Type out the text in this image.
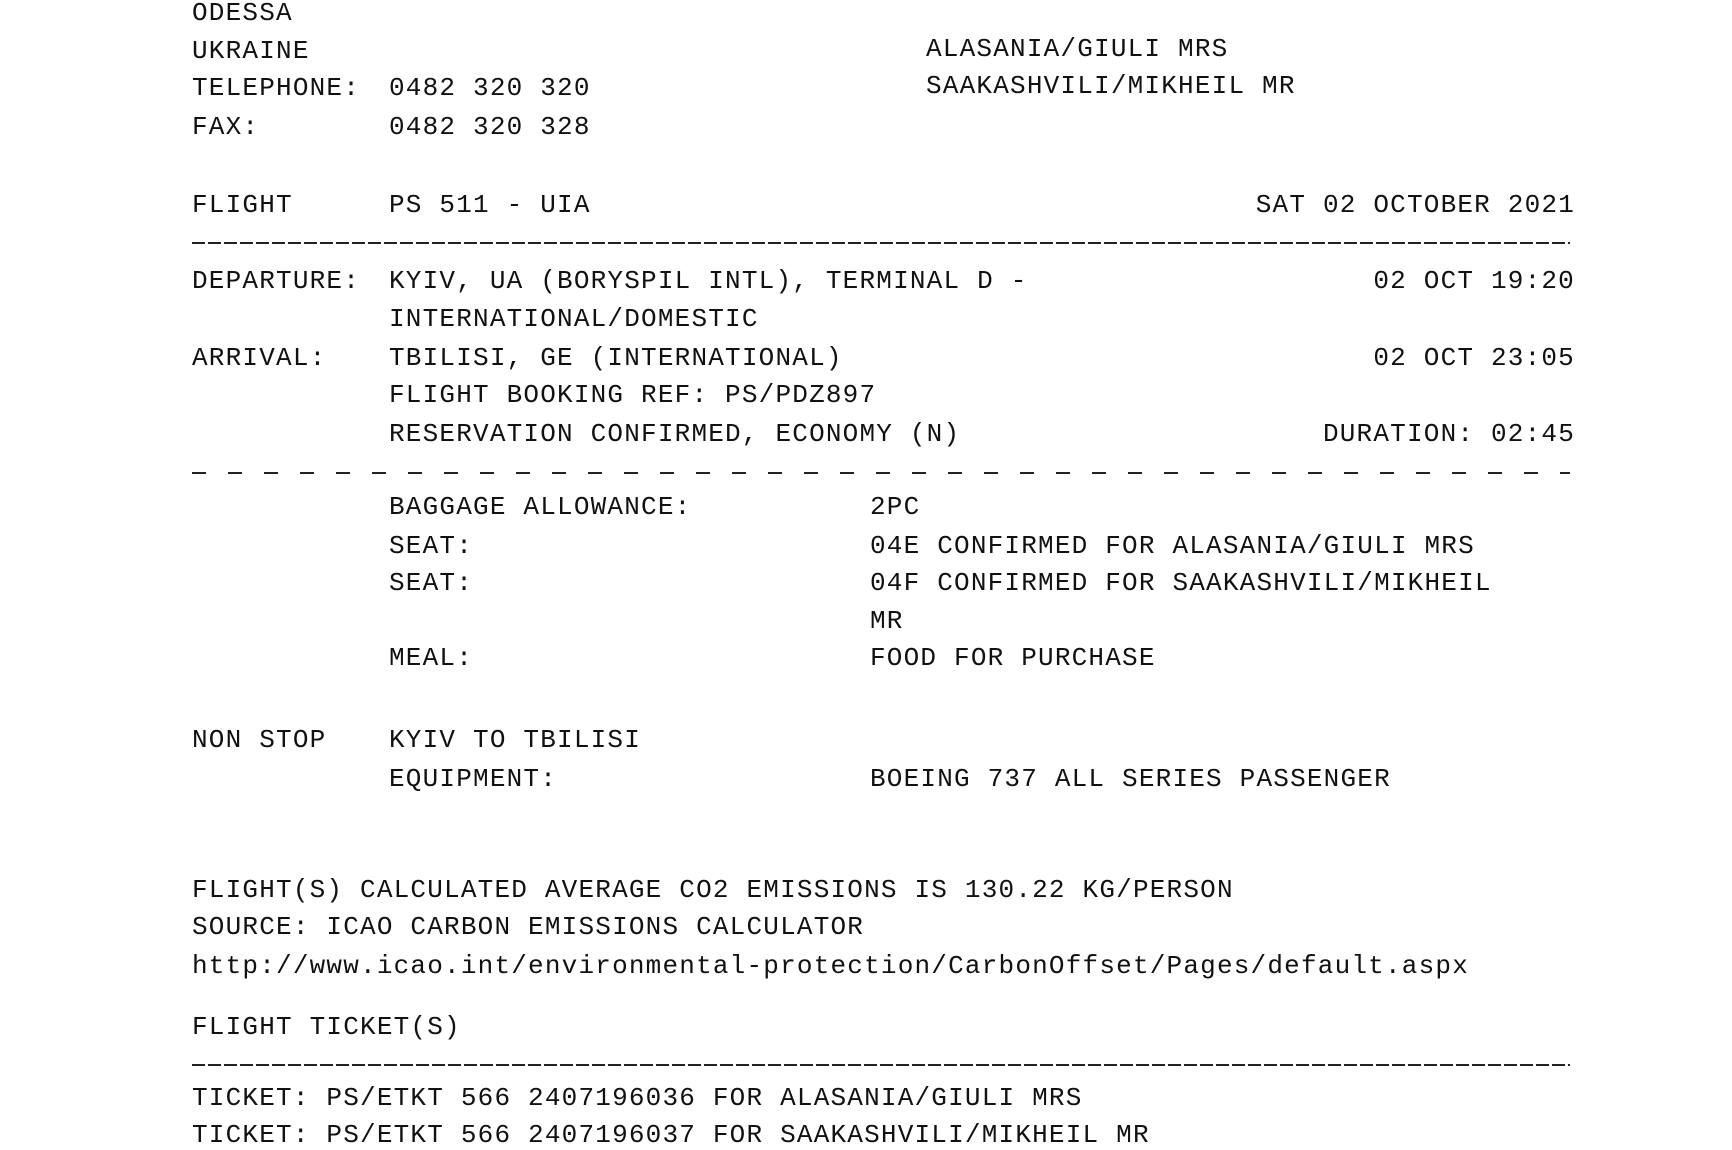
ODESSA
UKRAINE
TELEPHONE: 0482 320 320
FAX:	0482 320 328
ALASANIA/GIULI MRS
SAAKASHVILI/MIKHEIL MR
FLIGHT	PS 511 - UIA	SAT 02 OCTOBER 2021
DEPARTURE: KYIV, UA (BORYSPIL INTL), TERMINAL D -	02 OCT 19:20
INTERNATIONAL/DOMESTIC
ARRIVAL: TBILISI, GE (INTERNATIONAL)	02 OCT 23:05
FLIGHT BOOKING REF: PS/PDZ897
RESERVATION CONFIRMED, ECONOMY (N)	DURATION: 02:45
BAGGAGE ALLOWANCE:	2PC
SEAT:	04E CONFIRMED FOR ALASANIA/GIULI MRS
SEAT:	04F CONFIRMED FOR SAAKASHVILI/MIKHEIL
MR
MEAL:	FOOD FOR PURCHASE
NON STOP KYIV TO TBILISI
EQUIPMENT:	BOEING 737 ALL SERIES PASSENGER
FLIGHT(S) CALCULATED AVERAGE CO2 EMISSIONS IS 130.22 KG/PERSON
SOURCE: ICAO CARBON EMISSIONS CALCULATOR
http://www.icao.int/environmental-protection/CarbonOffset/Pages/default.aspx
FLIGHT TICKET(S)
TICKET: PS/ETKT 566 2407196036 FOR ALASANIA/GIULI MRS
TICKET: PS/ETKT 566 2407196037 FOR SAAKASHVILI/MIKHEIL MR
